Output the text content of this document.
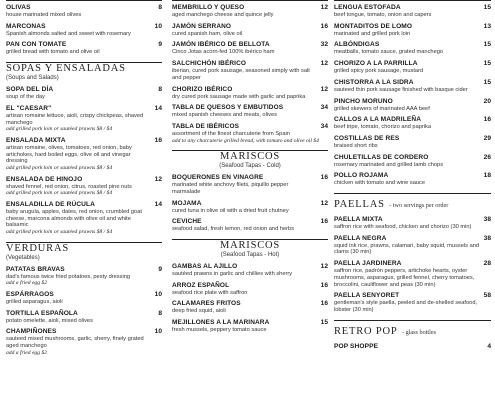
OLIVAS	8
house marinated mixed olives
MARCONAS	10
Spanish almonds salted and sweet with rosemary
PAN CON TOMATE	9
grilled bread with tomato and olive oil
SOPAS Y ENSALADAS
(Soups and Salads)
SOPA DEL DÍA	8
soup of the day
EL "CAESAR"	14
artisan romaine lettuce, aioli, crispy chickpeas, shaved manchego
add grilled pork loin or sautéed prawns $8 / $4
ENSALADA MIXTA	16
artisan romaine, olives, tomatoes, red onion, baby artichokes, hard boiled eggs, olive oil and vinegar dressing
add grilled pork loin or sautéed prawns $8 / $4
ENSALADA DE HINOJO	12
shaved fennel, red onion, citrus, roasted pine nuts
add grilled pork loin or sautéed prawns $8 / $4
ENSALADILLA DE RÚCULA	14
baby arugula, apples, dates, red onion, crumbled goat cheese, marcona almonds with olive oil and white balsamic
add grilled pork loin or sautéed prawns $8 / $4
VERDURAS
(Vegetables)
PATATAS BRAVAS	9
dad's famous twice fried potatoes, pesty dressing
add a fried egg $2
ESPÁRRAGOS	10
grilled asparagus, aioli
TORTILLA ESPAÑOLA	8
potato omelette, aioli, mixed olives
CHAMPIÑONES	10
sauteed mixed mushrooms, garlic, sherry, finely grated aged manchego
add a fried egg $2
MEMBRILLO Y QUESO	12
aged manchego cheese and quince jelly
JAMÓN SERRANO	16
cured spanish ham, olive oil
JAMÓN IBÉRICO DE BELLOTA	32
Cinco Jotas acorn-fed 100% ibérico ham
SALCHICHÓN IBÉRICO	12
iberian, cured pork sausage, seasoned simply with salt and pepper
CHORIZO IBÉRICO	12
dry cured pork sausage made with garlic and paprika
TABLA DE QUESOS Y EMBUTIDOS	34
mixed spanish cheeses and meats, olives
TABLA DE IBÉRICOS	34
assortment of the finest charcuterie from Spain
add to any charcuterie grilled bread, with tomato and olive oil $4
MARISCOS
(Seafood Tapas - Cold)
BOQUERONES EN VINAGRE	16
marinated white anchovy filets, piquillo pepper marmalade
MOJAMA	12
cured tuna in olive oil with a dried fruit chutney
CEVICHE	16
seafood salad, fresh lemon, red onion and herbs
MARISCOS
(Seafood Tapas - Hot)
GAMBAS AL AJILLO	12
sautéed prawns in garlic and chillies with sherry
ARROZ ESPAÑOL	16
seafood rice plate with saffron
CALAMARES FRITOS	16
deep fried squid, aioli
MEJILLONES A LA MARINARA	15
fresh mussels, peppery tomato sauce
LENGUA ESTOFADA	15
beef tongue, tomato, onion and capers
MONTADITOS DE LOMO	13
marinated and grilled pork loin
ALBÓNDIGAS	15
meatballs, tomato sauce, grated manchego
CHORIZO A LA PARRILLA	15
grilled spicy pork sausage, mustard
CHISTORRA A LA SIDRA	15
sauteed thin pork sausage finished with basque cider
PINCHO MORUNO	20
grilled skewers of marinated AAA beef
CALLOS A LA MADRILEÑA	16
beef tripe, tomato, chorizo and paprika
COSTILLAS DE RES	29
braised short ribs
CHULETILLAS DE CORDERO	26
rosemary marinated and grilled lamb chops
POLLO ROJAMA	18
chicken with tomato and wine sauce
PAELLAS - two servings per order
PAELLA MIXTA	38
saffron rice with seafood, chicken and chorizo (30 min)
PAELLA NEGRA	38
squid ink rice, prawns, calamari, baby squid, mussels and clams (30 min)
PAELLA JARDINERA	28
saffron rice, padrón peppers, artichoke hearts, oyster mushrooms, asparagus, grilled fennel, cherry tomatoes, broccolini, cauliflower and peas (30 min)
PAELLA SENYORET	58
gentleman's style paella, peeled and de-shelled seafood, lobster (30 min)
RETRO POP - glass bottles
POP SHOPPE	4
